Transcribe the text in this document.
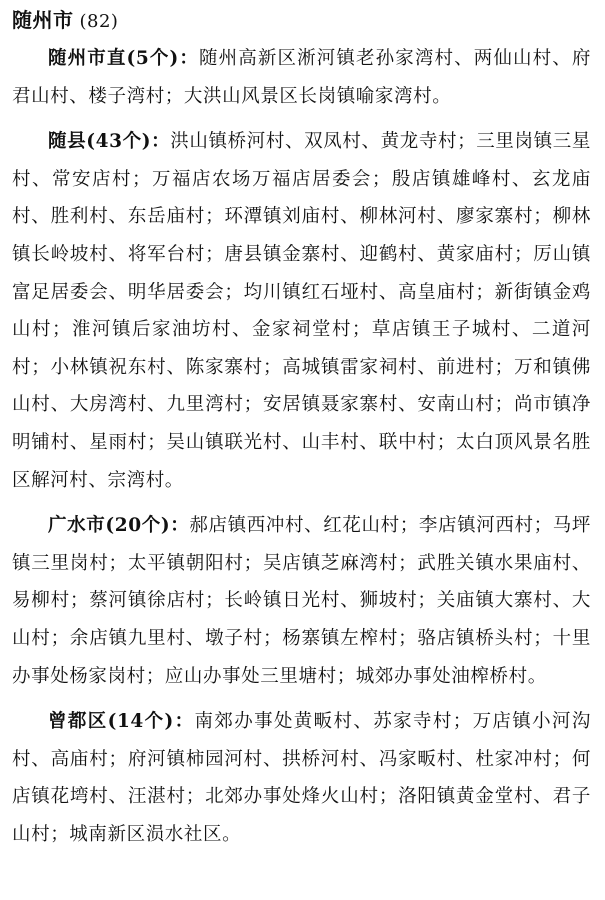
随州市 (82)

随州市直(5个)：随州高新区淅河镇老孙家湾村、两仙山村、府君山村、楼子湾村；大洪山风景区长岗镇喻家湾村。

随县(43个)：洪山镇桥河村、双凤村、黄龙寺村；三里岗镇三星村、常安店村；万福店农场万福店居委会；殷店镇雄峰村、玄龙庙村、胜利村、东岳庙村；环潭镇刘庙村、柳林河村、廖家寨村；柳林镇长岭坡村、将军台村；唐县镇金寨村、迎鹤村、黄家庙村；厉山镇富足居委会、明华居委会；均川镇红石垭村、高皇庙村；新街镇金鸡山村；淮河镇后家油坊村、金家祠堂村；草店镇王子城村、二道河村；小林镇祝东村、陈家寨村；高城镇雷家祠村、前进村；万和镇佛山村、大房湾村、九里湾村；安居镇聂家寨村、安南山村；尚市镇净明铺村、星雨村；吴山镇联光村、山丰村、联中村；太白顶风景名胜区解河村、宗湾村。

广水市(20个)：郝店镇西冲村、红花山村；李店镇河西村；马坪镇三里岗村；太平镇朝阳村；吴店镇芝麻湾村；武胜关镇水果庙村、易柳村；蔡河镇徐店村；长岭镇日光村、狮坡村；关庙镇大寨村、大山村；余店镇九里村、墩子村；杨寨镇左榨村；骆店镇桥头村；十里办事处杨家岗村；应山办事处三里塘村；城郊办事处油榨桥村。

曾都区(14个)：南郊办事处黄畈村、苏家寺村；万店镇小河沟村、高庙村；府河镇柿园河村、拱桥河村、冯家畈村、杜家冲村；何店镇花塆村、汪湛村；北郊办事处烽火山村；洛阳镇黄金堂村、君子山村；城南新区涢水社区。
